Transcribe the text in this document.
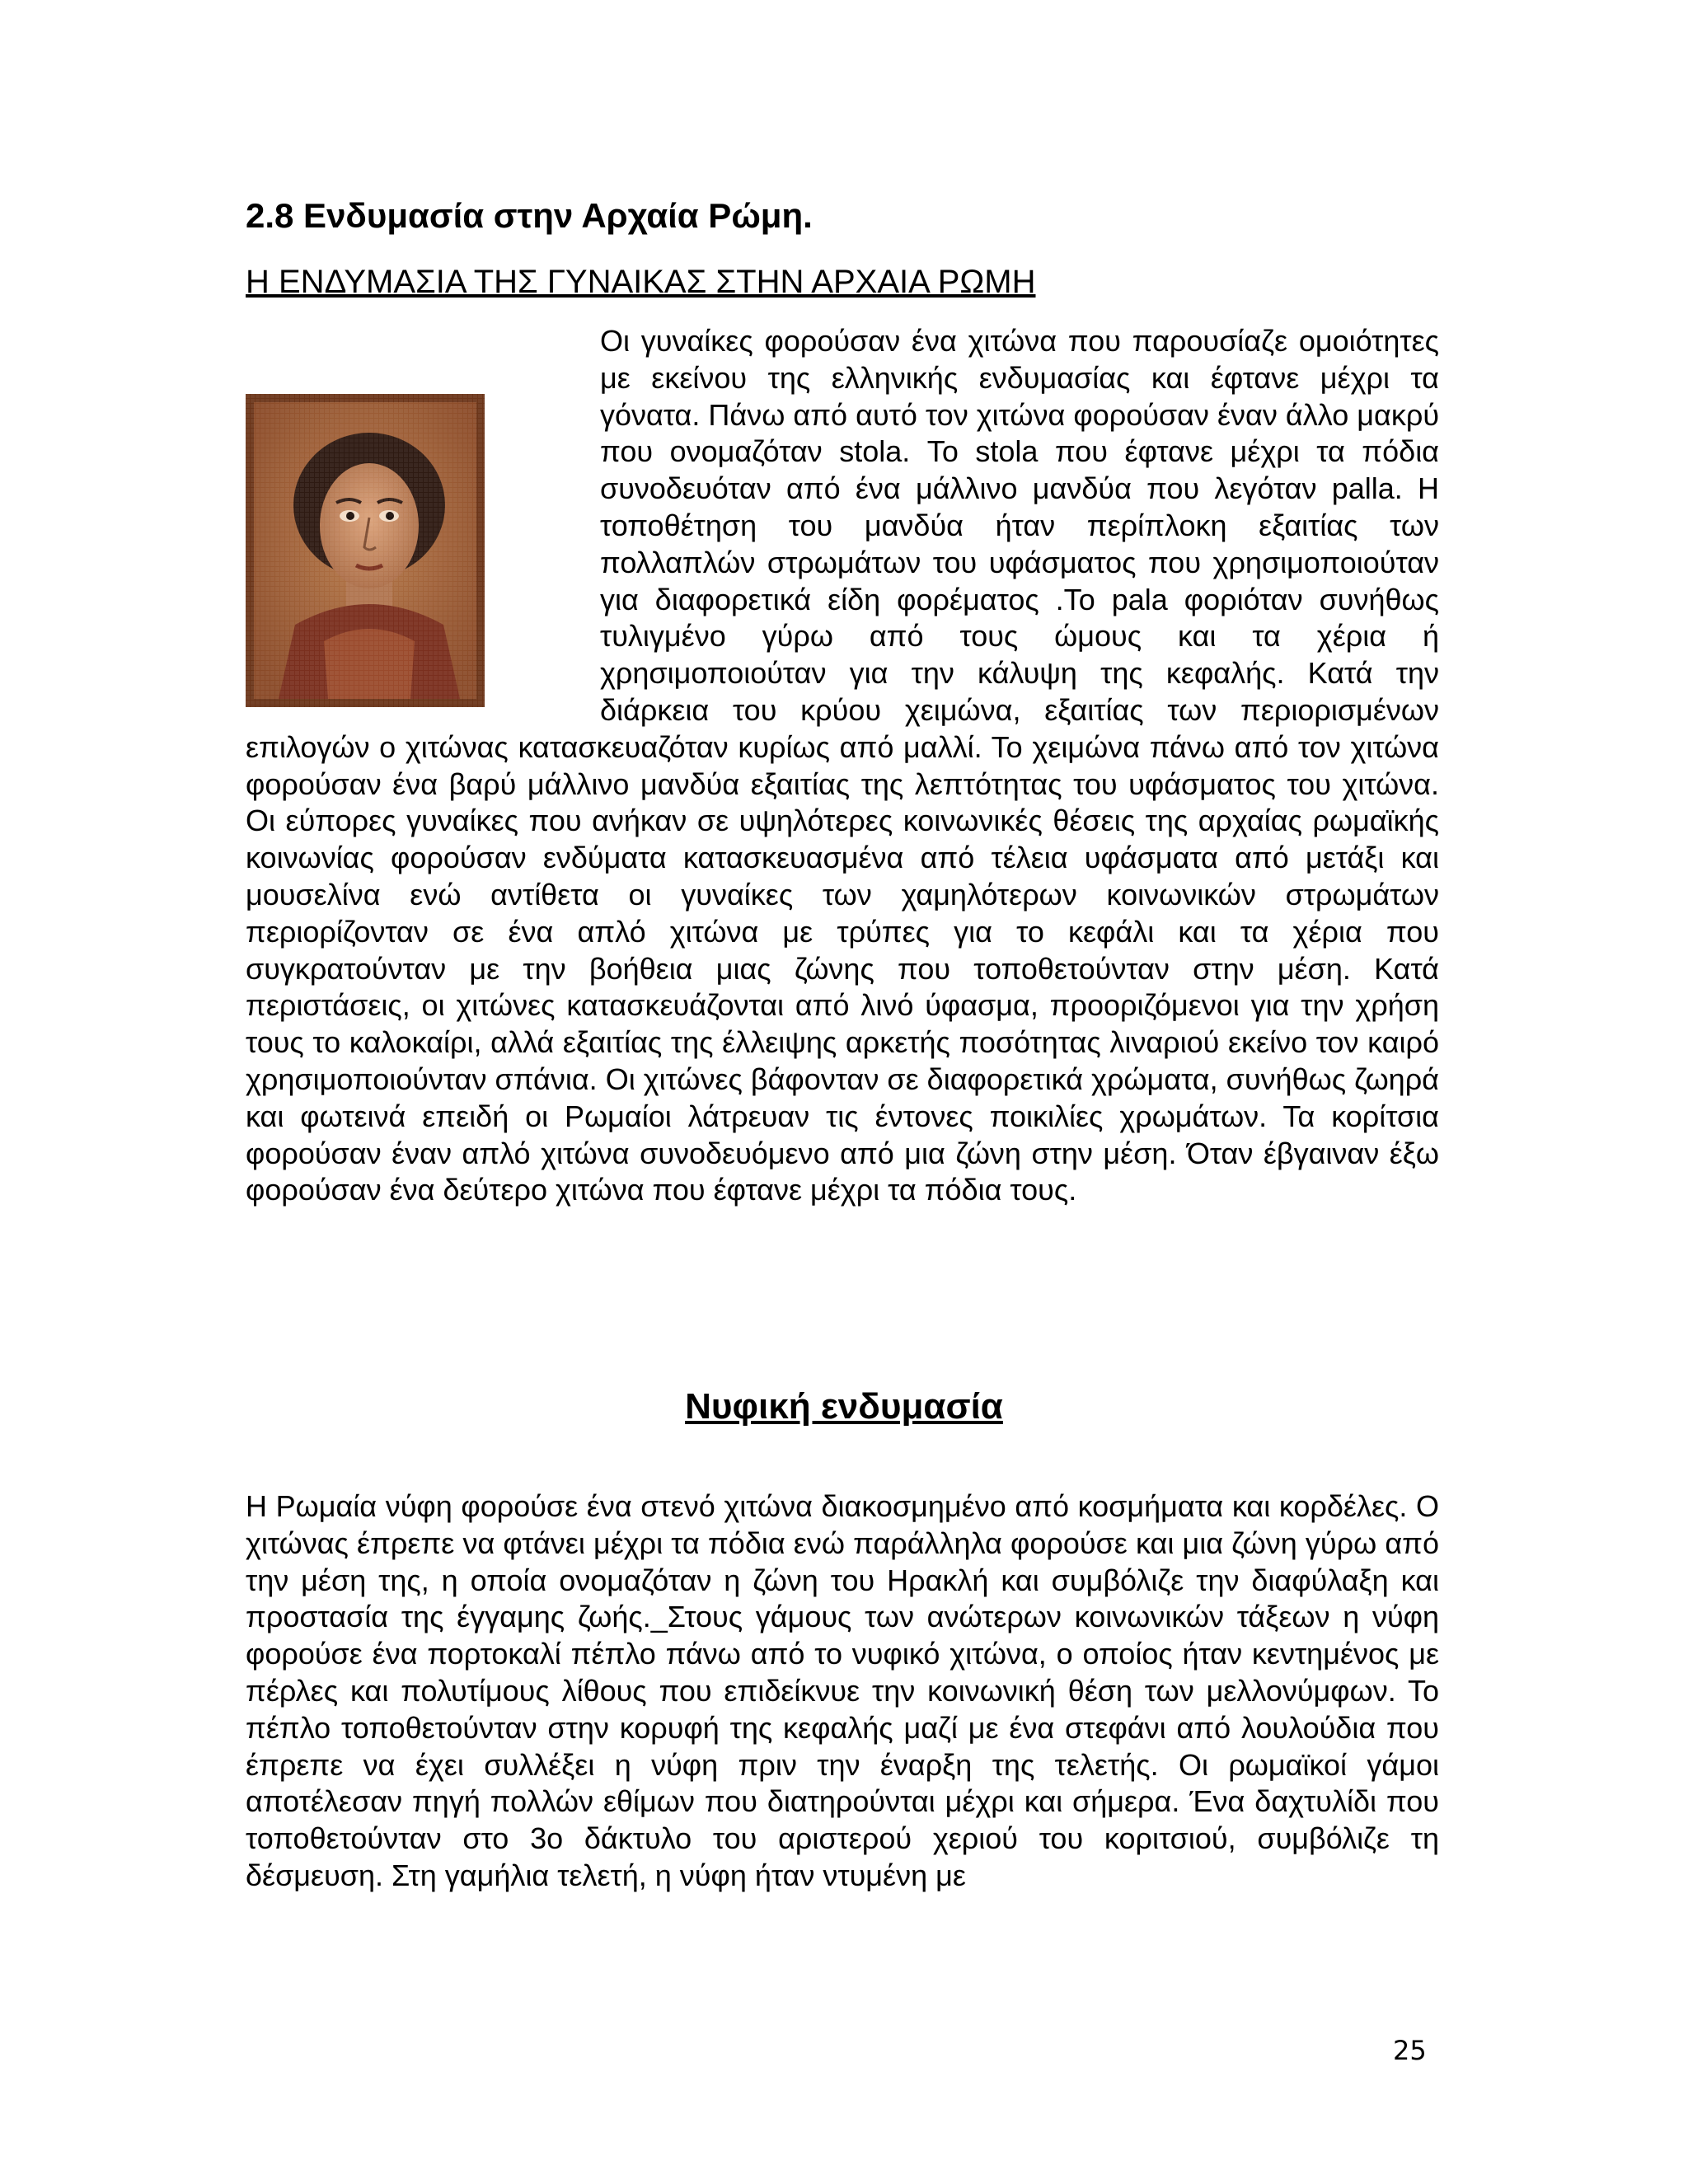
2.8 Ενδυμασία στην Αρχαία Ρώμη.
Η ΕΝΔΥΜΑΣΙΑ ΤΗΣ ΓΥΝΑΙΚΑΣ ΣΤΗΝ ΑΡΧΑΙΑ ΡΩΜΗ
Οι γυναίκες φορούσαν ένα χιτώνα που παρουσίαζε ομοιότητες με εκείνου της ελληνικής ενδυμασίας και έφτανε μέχρι τα γόνατα. Πάνω από αυτό τον χιτώνα φορούσαν έναν άλλο μακρύ που ονομαζόταν stola. Το stola που έφτανε μέχρι τα πόδια συνοδευόταν από ένα μάλλινο μανδύα που λεγόταν palla. Η τοποθέτηση του μανδύα ήταν περίπλοκη εξαιτίας των πολλαπλών στρωμάτων του υφάσματος που χρησιμοποιούταν για διαφορετικά είδη φορέματος .Το pala φοριόταν συνήθως τυλιγμένο γύρω από τους ώμους και τα χέρια ή χρησιμοποιούταν για την κάλυψη της κεφαλής. Κατά την διάρκεια του κρύου χειμώνα, εξαιτίας των περιορισμένων επιλογών ο χιτώνας κατασκευαζόταν κυρίως από μαλλί. Το χειμώνα πάνω από τον χιτώνα φορούσαν ένα βαρύ μάλλινο μανδύα εξαιτίας της λεπτότητας του υφάσματος του χιτώνα. Οι εύπορες γυναίκες που ανήκαν σε υψηλότερες κοινωνικές θέσεις της αρχαίας ρωμαϊκής κοινωνίας φορούσαν ενδύματα κατασκευασμένα από τέλεια υφάσματα από μετάξι και μουσελίνα ενώ αντίθετα οι γυναίκες των χαμηλότερων κοινωνικών στρωμάτων περιορίζονταν σε ένα απλό χιτώνα με τρύπες για το κεφάλι και τα χέρια που συγκρατούνταν με την βοήθεια μιας ζώνης που τοποθετούνταν στην μέση. Κατά περιστάσεις, οι χιτώνες κατασκευάζονται από λινό ύφασμα, προοριζόμενοι για την χρήση τους το καλοκαίρι, αλλά εξαιτίας της έλλειψης αρκετής ποσότητας λιναριού εκείνο τον καιρό χρησιμοποιούνταν σπάνια. Οι χιτώνες βάφονταν σε διαφορετικά χρώματα, συνήθως ζωηρά και φωτεινά επειδή οι Ρωμαίοι λάτρευαν τις έντονες ποικιλίες χρωμάτων. Τα κορίτσια φορούσαν έναν απλό χιτώνα συνοδευόμενο από μια ζώνη στην μέση. Όταν έβγαιναν έξω φορούσαν ένα δεύτερο χιτώνα που έφτανε μέχρι τα πόδια τους.
Νυφική ενδυμασία

Η Ρωμαία νύφη φορούσε ένα στενό χιτώνα διακοσμημένο από κοσμήματα και κορδέλες. Ο χιτώνας έπρεπε να φτάνει μέχρι τα πόδια ενώ παράλληλα φορούσε και μια ζώνη γύρω από την μέση της, η οποία ονομαζόταν η ζώνη του Ηρακλή και συμβόλιζε την διαφύλαξη και προστασία της έγγαμης ζωής._Στους γάμους των ανώτερων κοινωνικών τάξεων η νύφη φορούσε ένα πορτοκαλί πέπλο πάνω από το νυφικό χιτώνα, ο οποίος ήταν κεντημένος με πέρλες και πολυτίμους λίθους που επιδείκνυε την κοινωνική θέση των μελλονύμφων. Το πέπλο τοποθετούνταν στην κορυφή της κεφαλής μαζί με ένα στεφάνι από λουλούδια που έπρεπε να έχει συλλέξει η νύφη πριν την έναρξη της τελετής. Οι ρωμαϊκοί γάμοι αποτέλεσαν πηγή πολλών εθίμων που διατηρούνται μέχρι και σήμερα. Ένα δαχτυλίδι που τοποθετούνταν στο 3ο δάκτυλο του αριστερού χεριού του κοριτσιού, συμβόλιζε τη δέσμευση. Στη γαμήλια τελετή, η νύφη ήταν ντυμένη με

25
